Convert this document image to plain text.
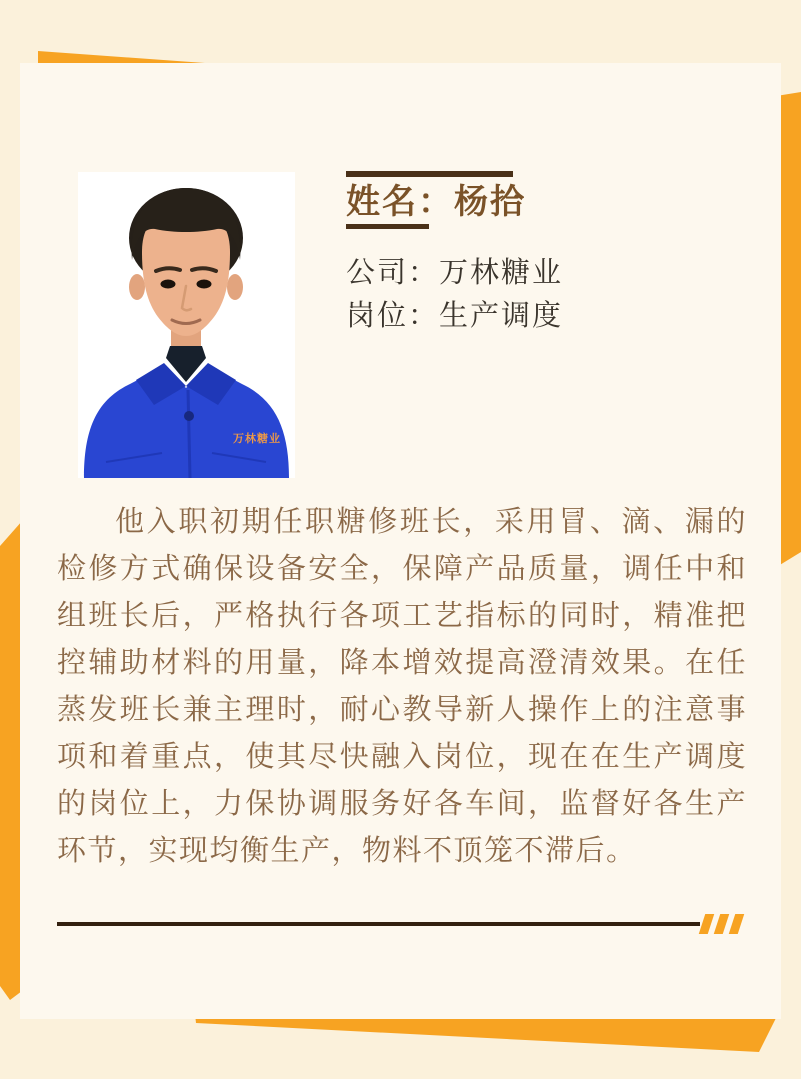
万林糖业
姓名：杨拾
公司：万林糖业
岗位：生产调度
他入职初期任职糖修班长，采用冒、滴、漏的检修方式确保设备安全，保障产品质量，调任中和组班长后，严格执行各项工艺指标的同时，精准把控辅助材料的用量，降本增效提高澄清效果。在任蒸发班长兼主理时，耐心教导新人操作上的注意事项和着重点，使其尽快融入岗位，现在在生产调度的岗位上，力保协调服务好各车间，监督好各生产环节，实现均衡生产，物料不顶笼不滞后。
